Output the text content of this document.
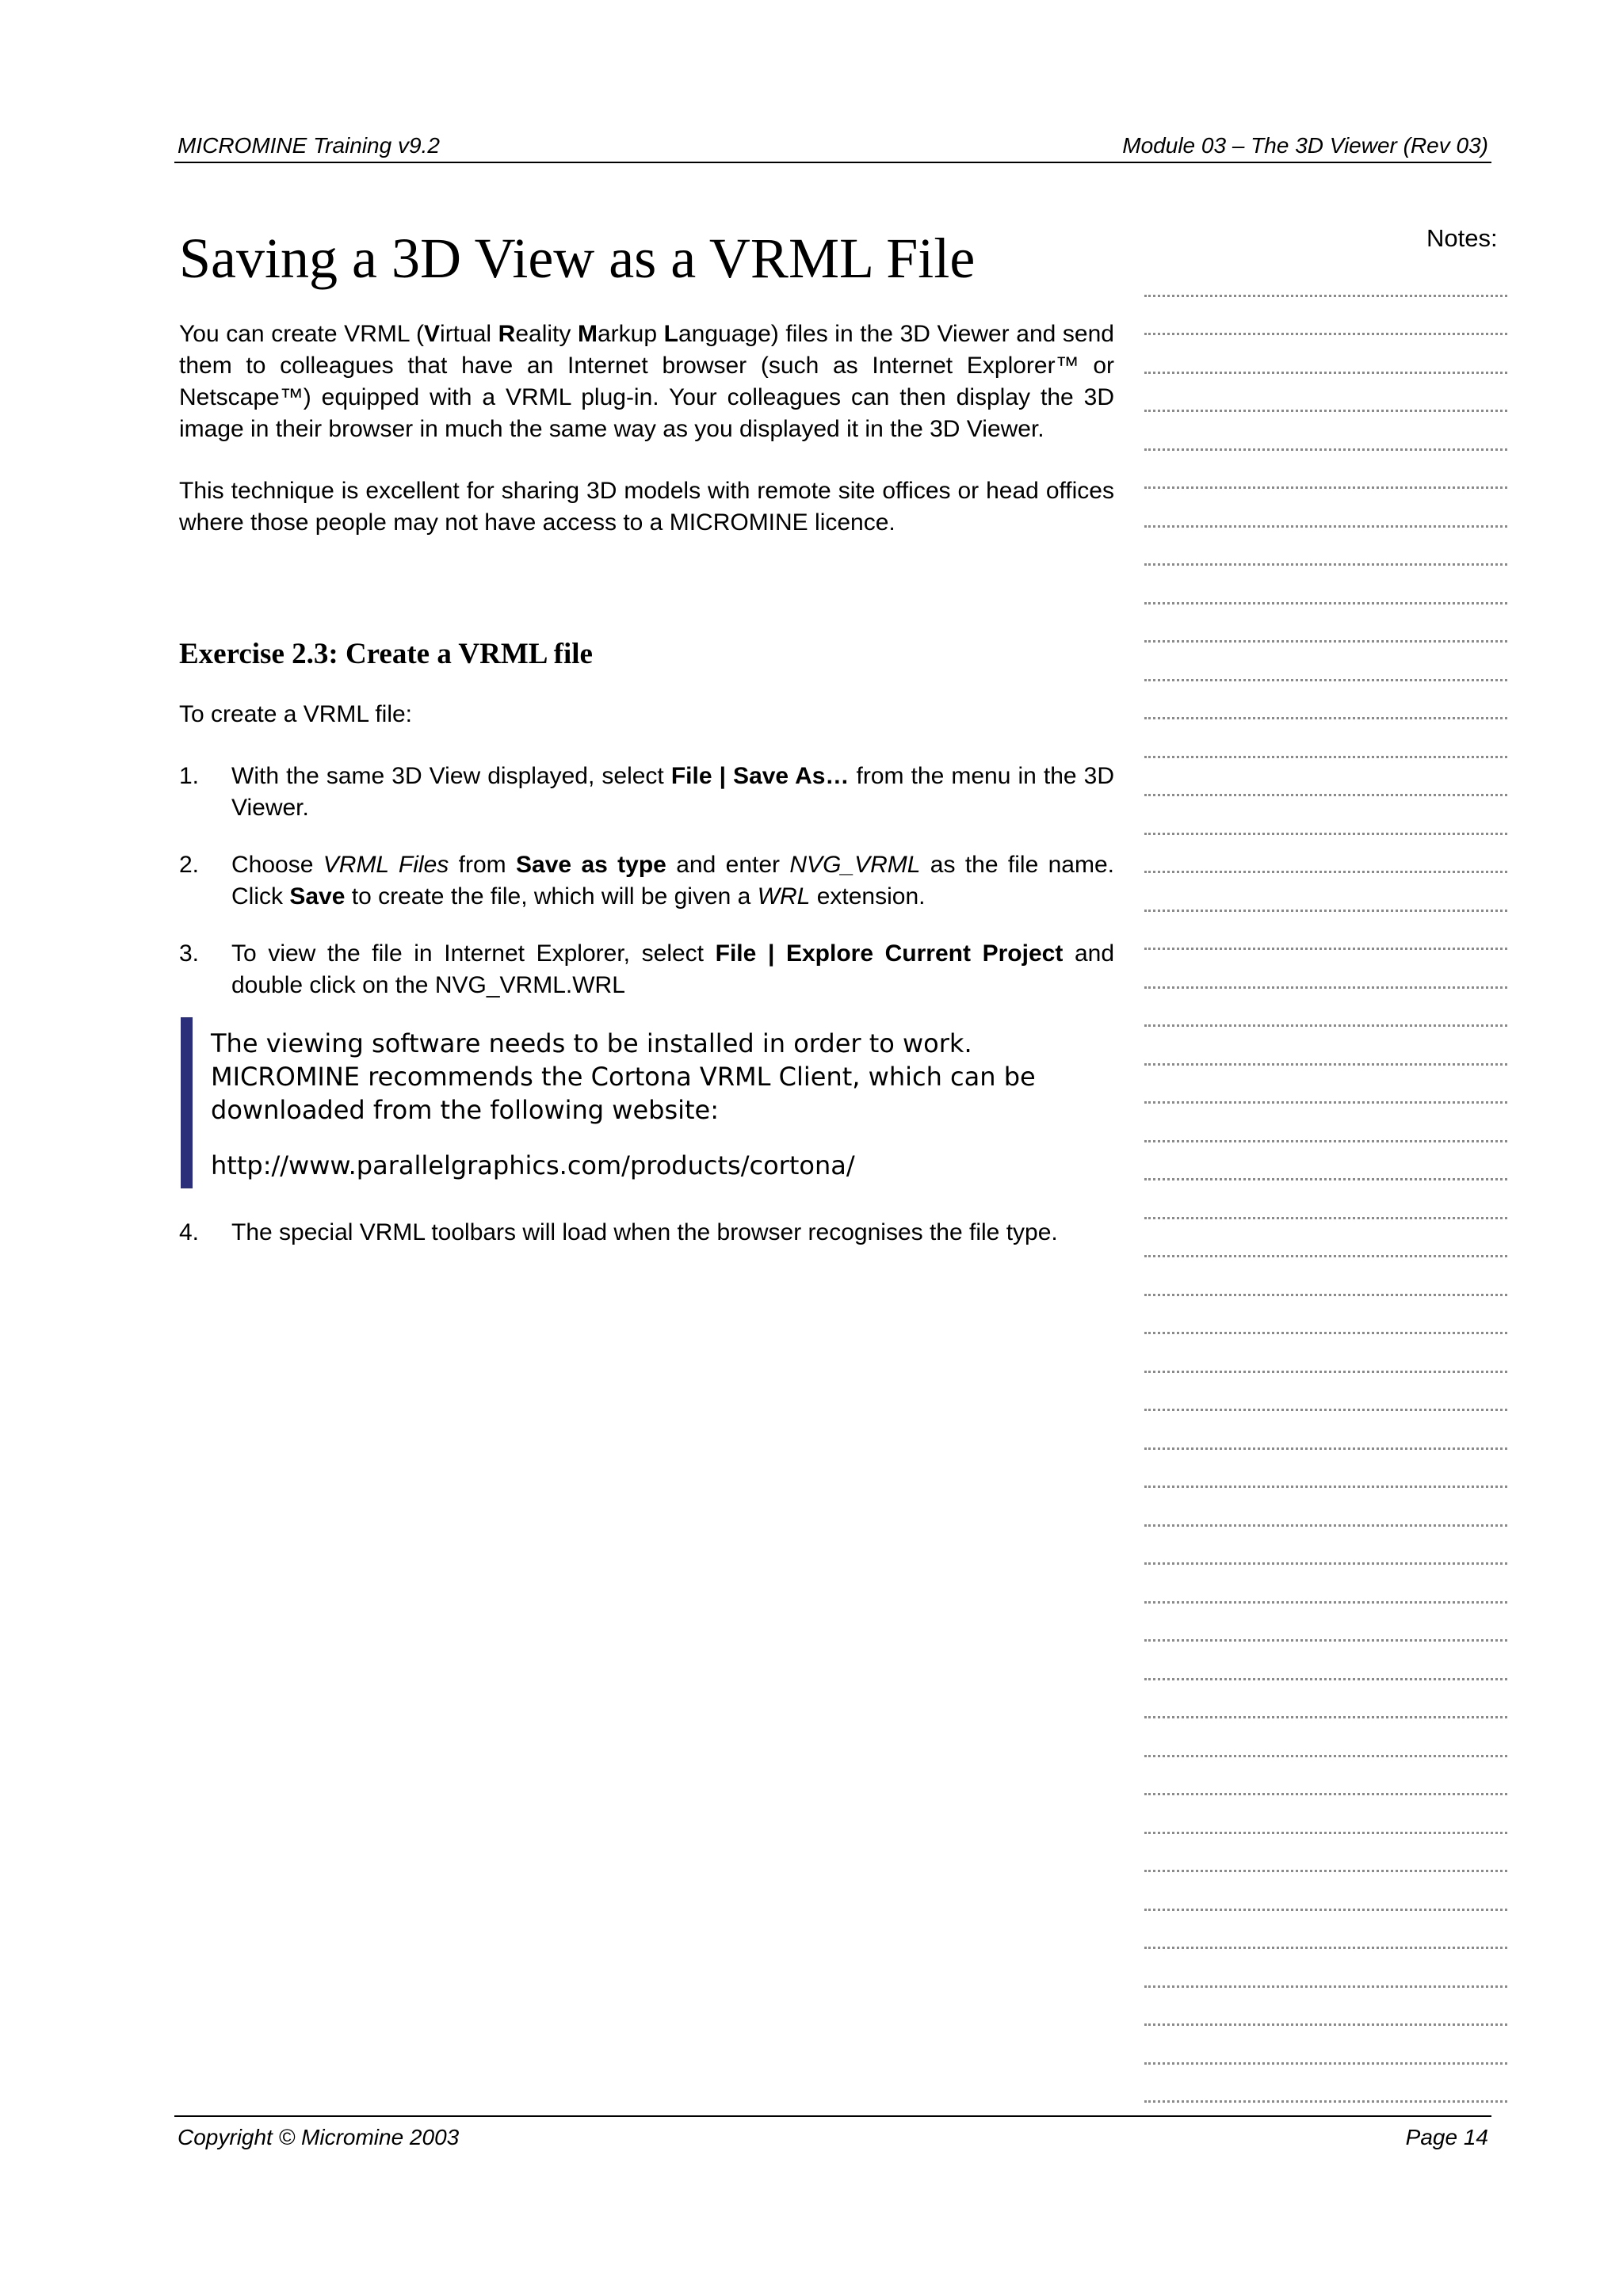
MICROMINE Training v9.2	Module 03 – The 3D Viewer (Rev 03)
Saving a 3D View as a VRML File

You can create VRML (Virtual Reality Markup Language) files in the 3D Viewer and send them to colleagues that have an Internet browser (such as Internet Explorer™ or Netscape™) equipped with a VRML plug-in. Your colleagues can then display the 3D image in their browser in much the same way as you displayed it in the 3D Viewer.

This technique is excellent for sharing 3D models with remote site offices or head offices where those people may not have access to a MICROMINE licence.

Exercise 2.3: Create a VRML file

To create a VRML file:

1. With the same 3D View displayed, select File | Save As… from the menu in the 3D Viewer.
2. Choose VRML Files from Save as type and enter NVG_VRML as the file name. Click Save to create the file, which will be given a WRL extension.
3. To view the file in Internet Explorer, select File | Explore Current Project and double click on the NVG_VRML.WRL
The viewing software needs to be installed in order to work. MICROMINE recommends the Cortona VRML Client, which can be downloaded from the following website:
http://www.parallelgraphics.com/products/cortona/
4. The special VRML toolbars will load when the browser recognises the file type.
Notes:
Copyright © Micromine 2003	Page 14
